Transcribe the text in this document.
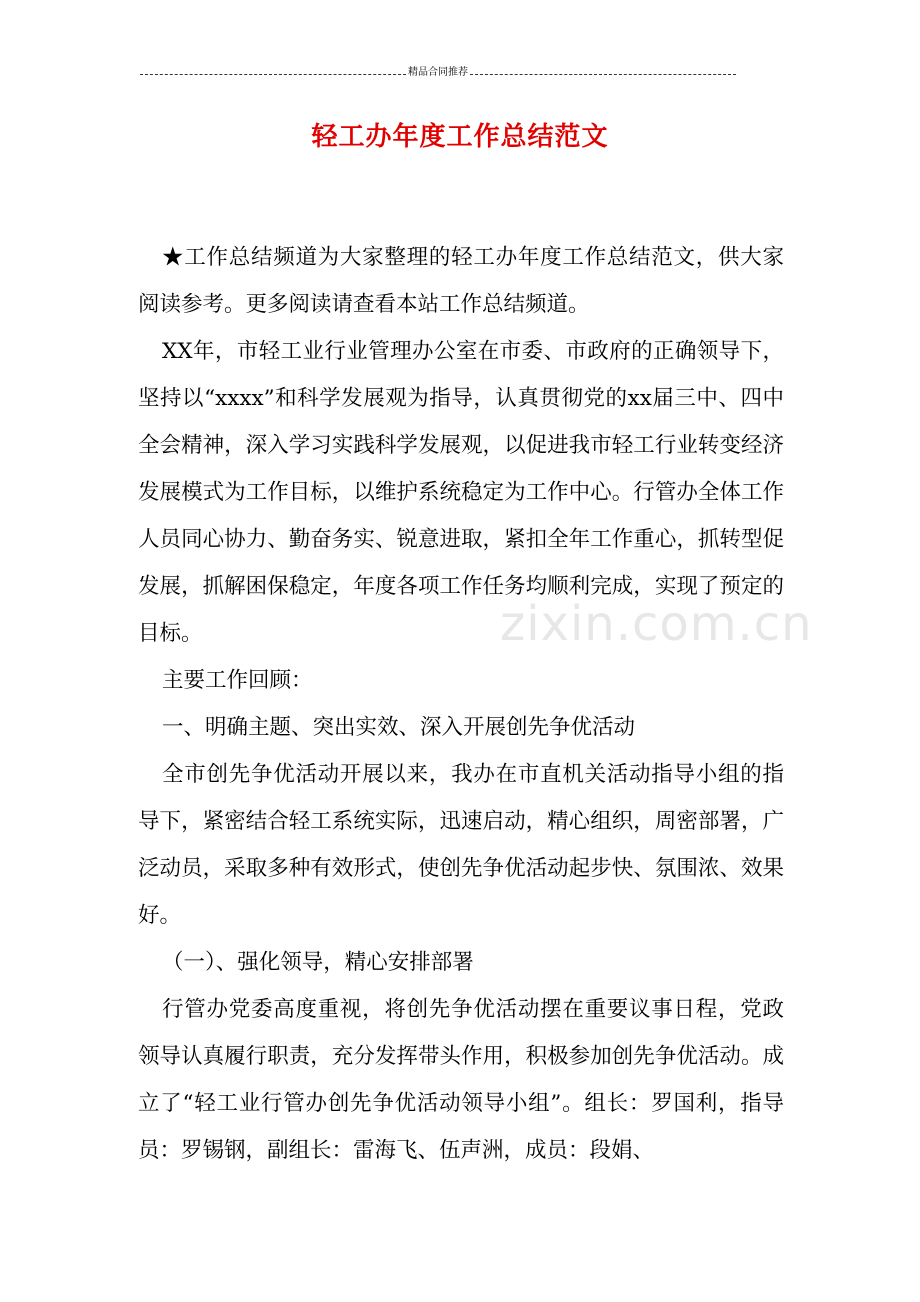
精品合同推荐
轻工办年度工作总结范文

★工作总结频道为大家整理的轻工办年度工作总结范文，供大家阅读参考。更多阅读请查看本站工作总结频道。

XX年，市轻工业行业管理办公室在市委、市政府的正确领导下，坚持以“xxxx”和科学发展观为指导，认真贯彻党的xx届三中、四中全会精神，深入学习实践科学发展观，以促进我市轻工行业转变经济发展模式为工作目标，以维护系统稳定为工作中心。行管办全体工作人员同心协力、勤奋务实、锐意进取，紧扣全年工作重心，抓转型促发展，抓解困保稳定，年度各项工作任务均顺利完成，实现了预定的目标。

主要工作回顾：

一、明确主题、突出实效、深入开展创先争优活动

全市创先争优活动开展以来，我办在市直机关活动指导小组的指导下，紧密结合轻工系统实际，迅速启动，精心组织，周密部署，广泛动员，采取多种有效形式，使创先争优活动起步快、氛围浓、效果好。

（一）、强化领导，精心安排部署

行管办党委高度重视，将创先争优活动摆在重要议事日程，党政领导认真履行职责，充分发挥带头作用，积极参加创先争优活动。成立了“轻工业行管办创先争优活动领导小组”。组长：罗国利，指导员：罗锡钢，副组长：雷海飞、伍声洲，成员：段娟、

zixin.com.cn
